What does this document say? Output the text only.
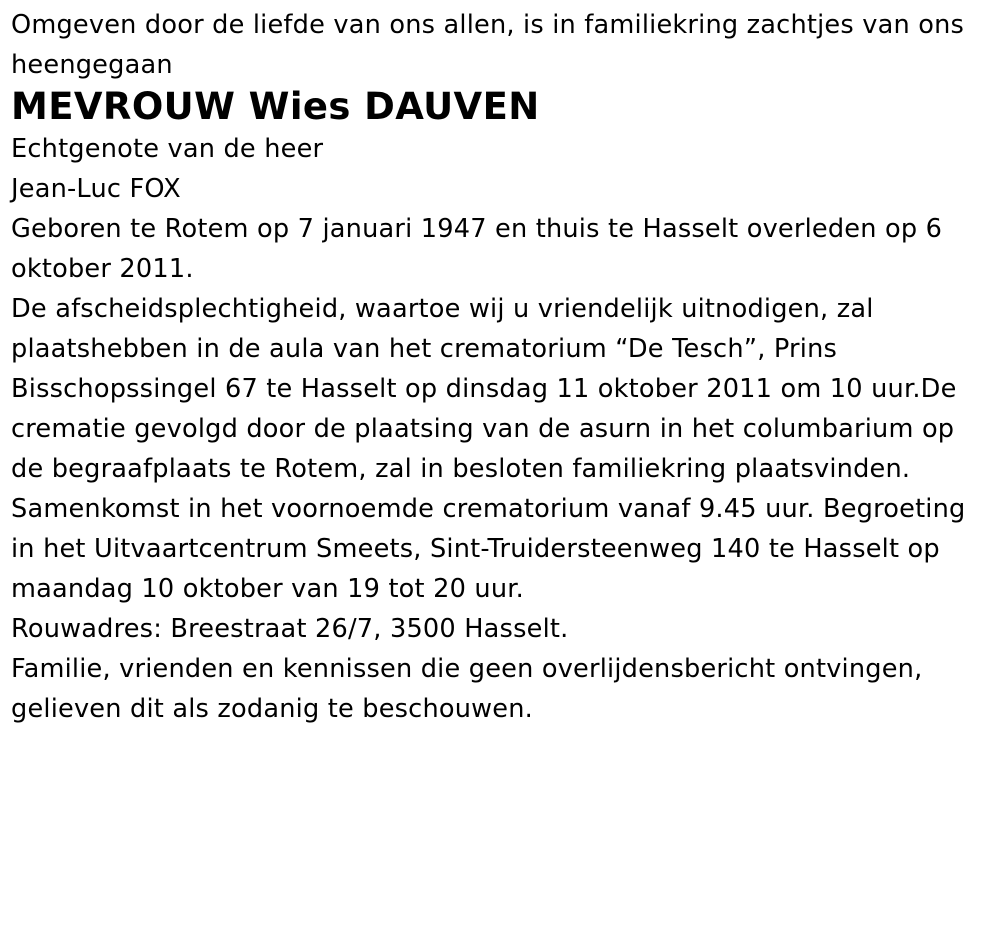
Omgeven door de liefde van ons allen, is in familiekring zachtjes van ons heengegaan

MEVROUW Wies DAUVEN

Echtgenote van de heer

Jean-Luc FOX

Geboren te Rotem op 7 januari 1947 en thuis te Hasselt overleden op 6 oktober 2011.

De afscheidsplechtigheid, waartoe wij u vriendelijk uitnodigen, zal plaatshebben in de aula van het crematorium “De Tesch”, Prins Bisschopssingel 67 te Hasselt op dinsdag 11 oktober 2011 om 10 uur.De crematie gevolgd door de plaatsing van de asurn in het columbarium op de begraafplaats te Rotem, zal in besloten familiekring plaatsvinden. Samenkomst in het voornoemde crematorium vanaf 9.45 uur. Begroeting in het Uitvaartcentrum Smeets, Sint-Truidersteenweg 140 te Hasselt op maandag 10 oktober van 19 tot 20 uur.

Rouwadres: Breestraat 26/7, 3500 Hasselt.

Familie, vrienden en kennissen die geen overlijdensbericht ontvingen, gelieven dit als zodanig te beschouwen.
